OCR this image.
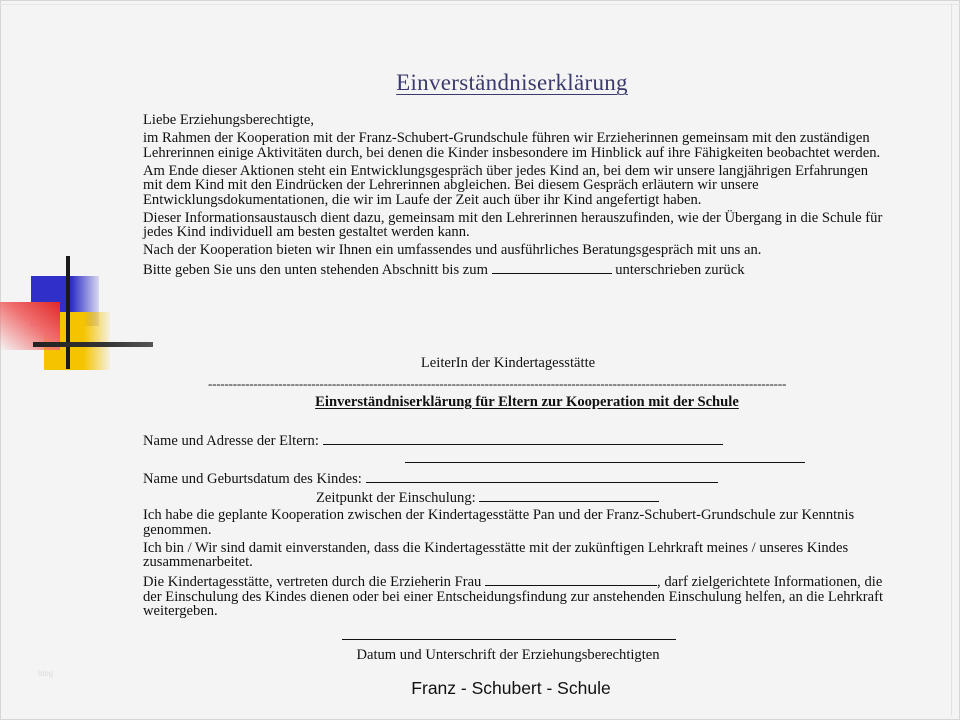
Einverständniserklärung

Liebe Erziehungsberechtigte,

im Rahmen der Kooperation mit der Franz-Schubert-Grundschule führen wir Erzieherinnen gemeinsam mit den zuständigen Lehrerinnen einige Aktivitäten durch, bei denen die Kinder insbesondere im Hinblick auf ihre Fähigkeiten beobachtet werden.

Am Ende dieser Aktionen steht ein Entwicklungsgespräch über jedes Kind an, bei dem wir unsere langjährigen Erfahrungen mit dem Kind mit den Eindrücken der Lehrerinnen abgleichen. Bei diesem Gespräch erläutern wir unsere Entwicklungsdokumentationen, die wir im Laufe der Zeit auch über ihr Kind angefertigt haben.

Dieser Informationsaustausch dient dazu, gemeinsam mit den Lehrerinnen herauszufinden, wie der Übergang in die Schule für jedes Kind individuell am besten gestaltet werden kann.

Nach der Kooperation bieten wir Ihnen ein umfassendes und ausführliches Beratungsgespräch mit uns an.

Bitte geben Sie uns den unten stehenden Abschnitt bis zum	unterschrieben zurück

LeiterIn der Kindertagesstätte
--------------------------------------------------------------------------------------------------------------------------------------------
Einverständniserklärung für Eltern zur Kooperation mit der Schule
Name und Adresse der Eltern:
Name und Geburtsdatum des Kindes:
Zeitpunkt der Einschulung:

Ich habe die geplante Kooperation zwischen der Kindertagesstätte Pan und der Franz-Schubert-Grundschule zur Kenntnis genommen.

Ich bin / Wir sind damit einverstanden, dass die Kindertagesstätte mit der zukünftigen Lehrkraft meines / unseres Kindes zusammenarbeitet.

Die Kindertagesstätte, vertreten durch die Erzieherin Frau	, darf zielgerichtete Informationen, die der Einschulung des Kindes dienen oder bei einer Entscheidungsfindung zur anstehenden Einschulung helfen, an die Lehrkraft weitergeben.

Datum und Unterschrift der Erziehungsberechtigten
blog
Franz - Schubert - Schule
